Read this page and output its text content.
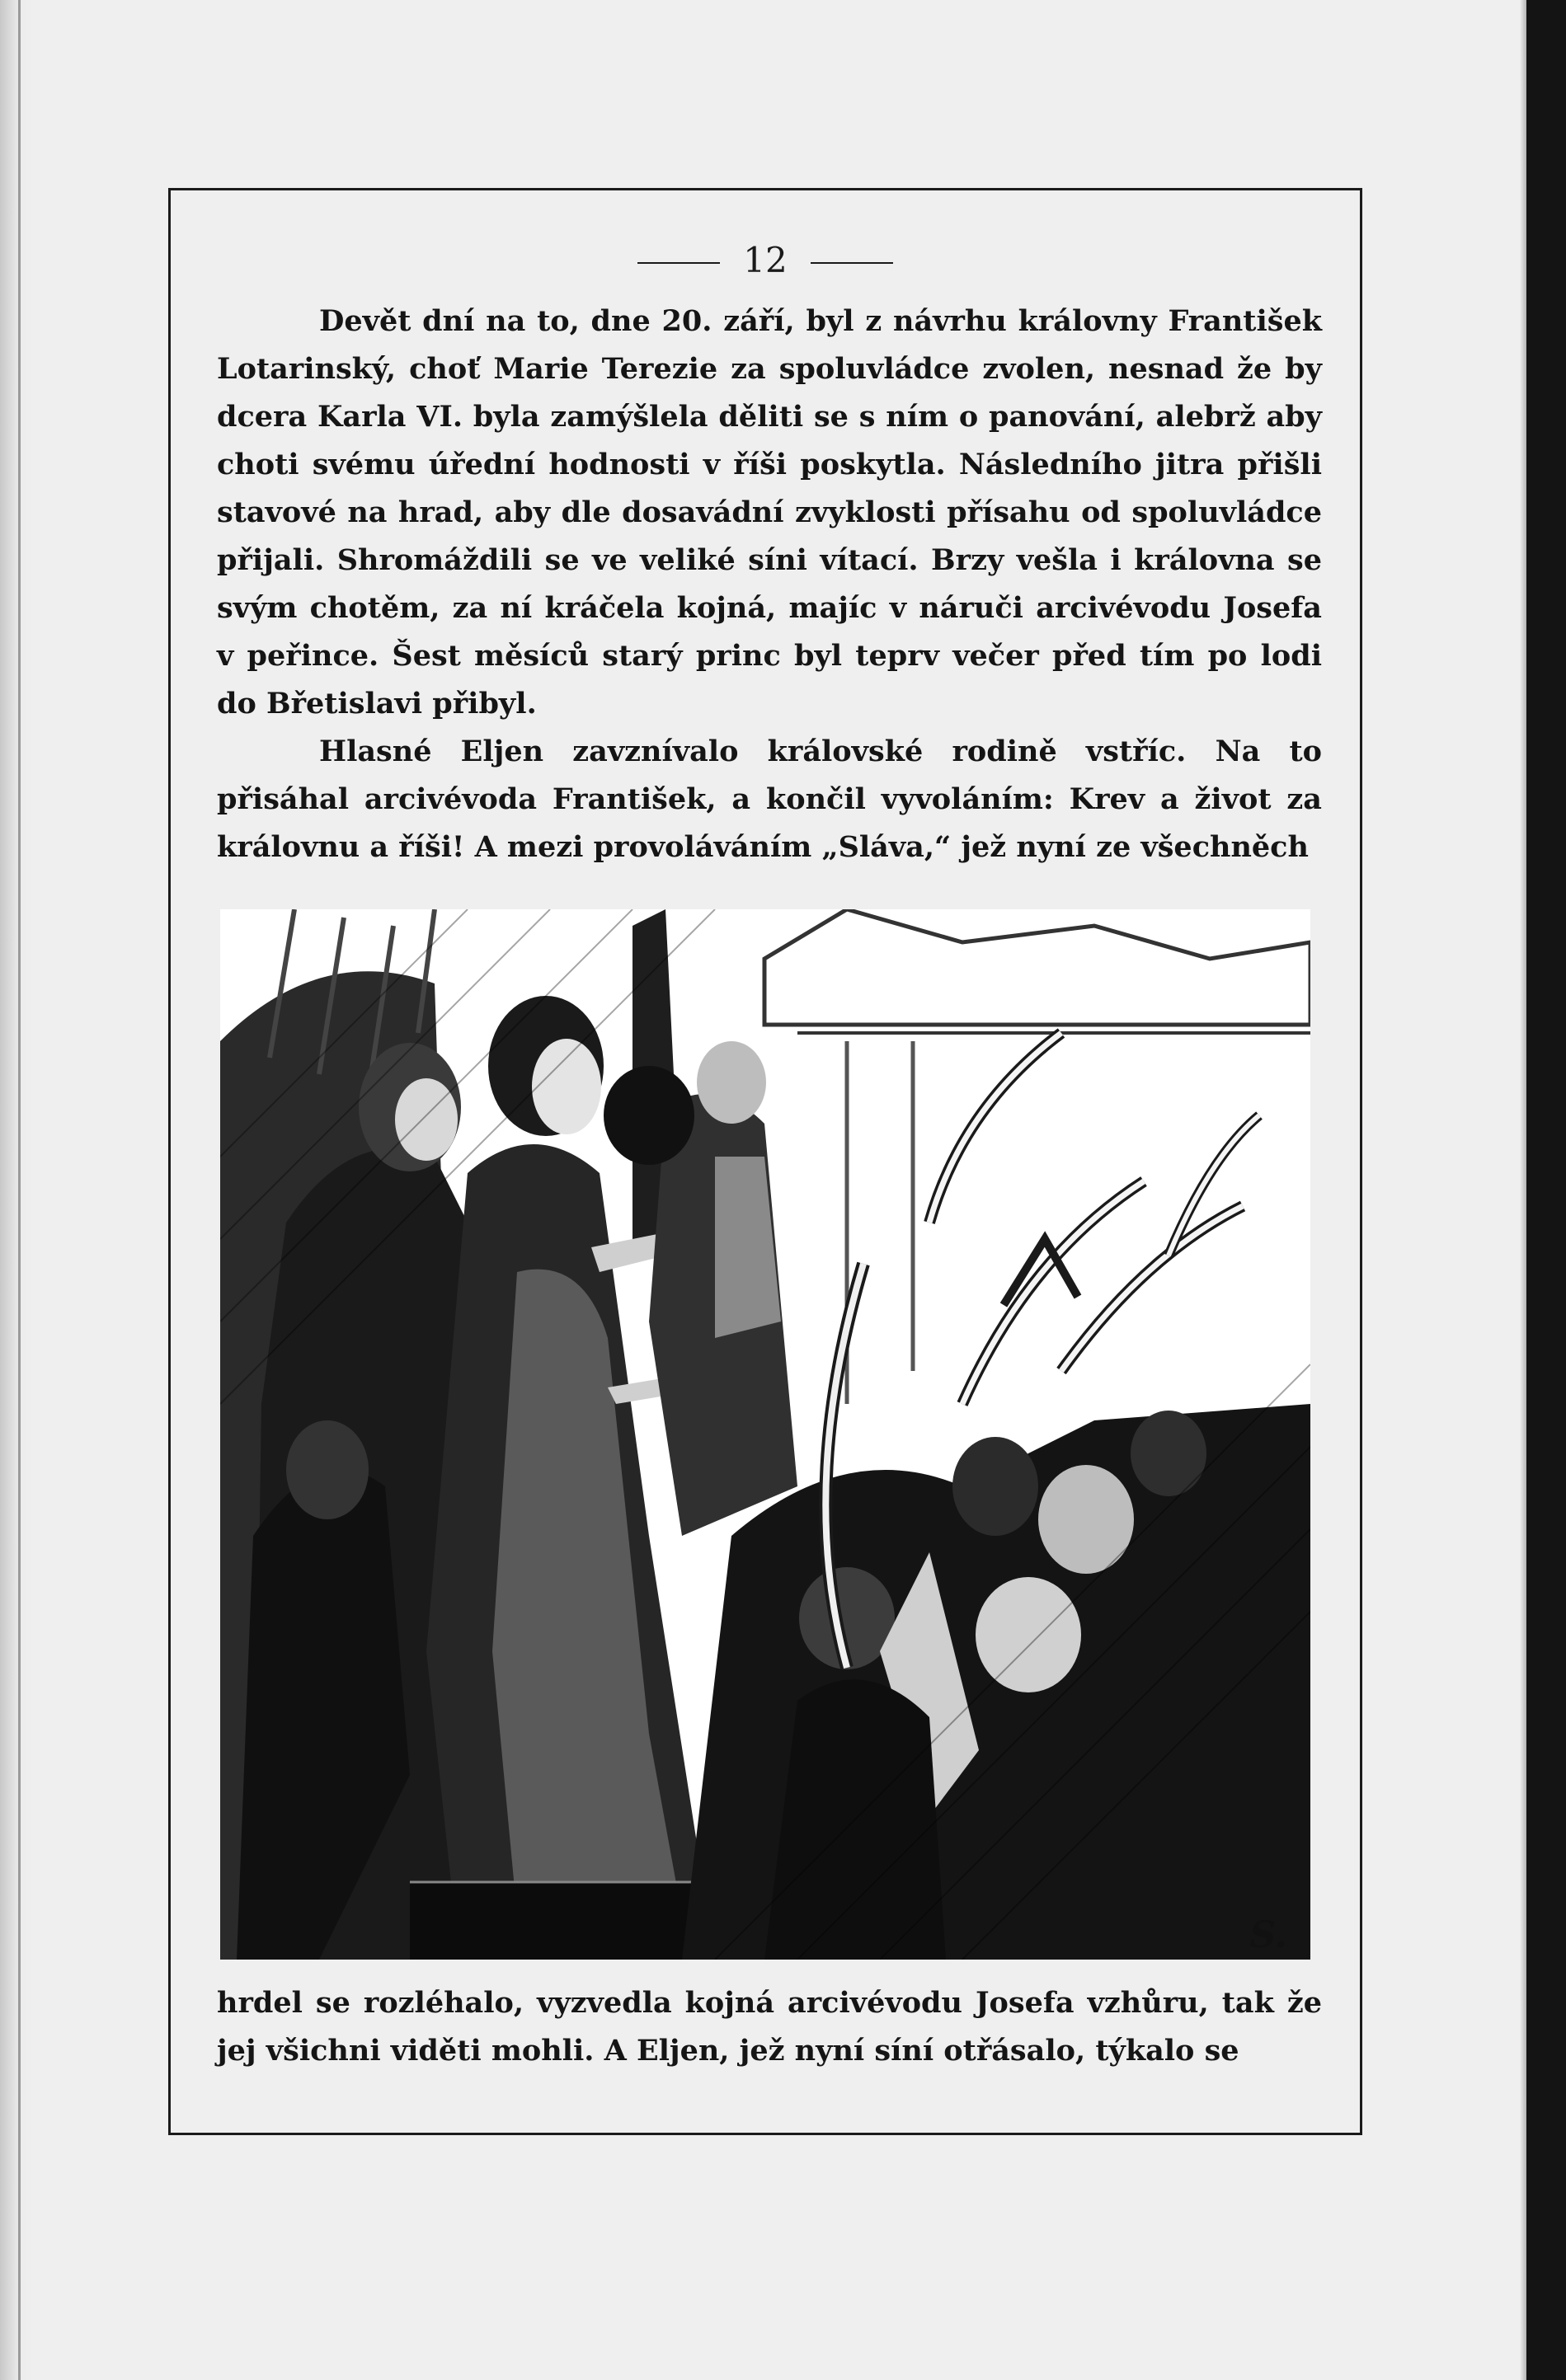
12

Devět dní na to, dne 20. září, byl z návrhu královny František Lotarinský, choť Marie Terezie za spoluvládce zvolen, nesnad že by dcera Karla VI. byla zamýšlela děliti se s ním o panování, alebrž aby choti svému úřední hodnosti v říši poskytla. Následního jitra přišli stavové na hrad, aby dle dosavádní zvyklosti přísahu od spoluvládce přijali. Shromáždili se ve veliké síni vítací. Brzy vešla i královna se svým chotěm, za ní kráčela kojná, majíc v náruči arcivévodu Josefa v peřince. Šest měsíců starý princ byl teprv večer před tím po lodi do Břetislavi přibyl.

Hlasné Eljen zavznívalo královské rodině vstříc. Na to přisáhal arcivévoda František, a končil vyvoláním: Krev a život za královnu a říši! A mezi provoláváním „Sláva,“ jež nyní ze všechněch

S.

hrdel se rozléhalo, vyzvedla kojná arcivévodu Josefa vzhůru, tak že jej všichni viděti mohli. A Eljen, jež nyní síní otřásalo, týkalo se
